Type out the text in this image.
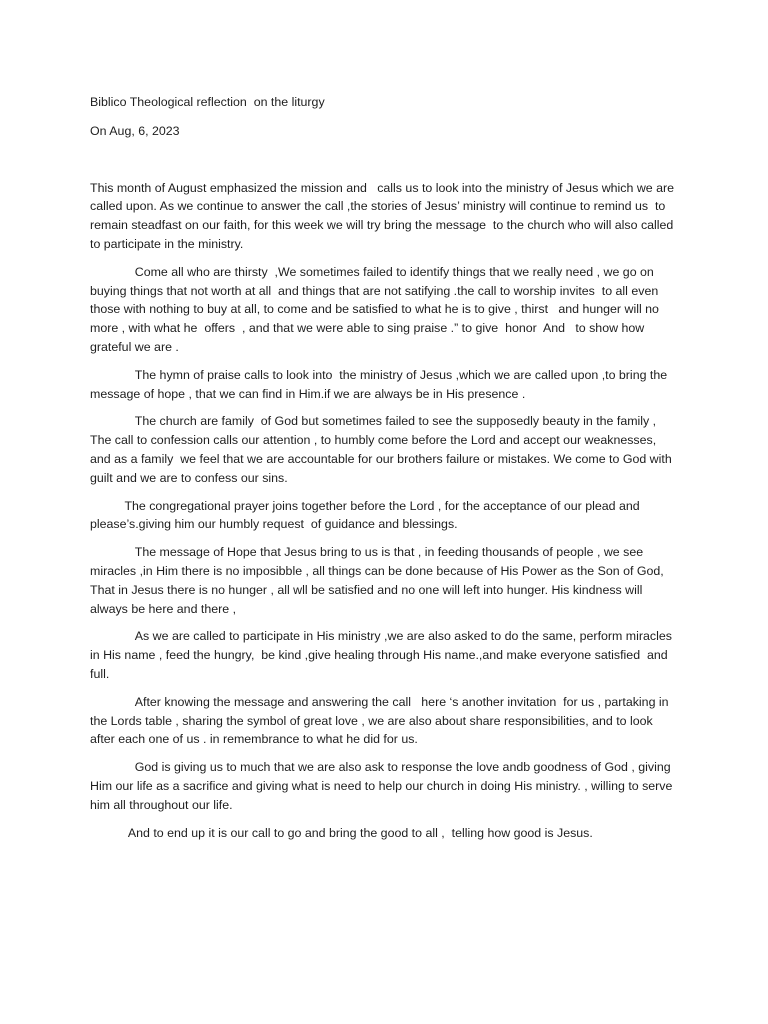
Biblico Theological reflection  on the liturgy
On Aug, 6, 2023

This month of August emphasized the mission and   calls us to look into the ministry of Jesus which we are called upon. As we continue to answer the call ,the stories of Jesus’ ministry will continue to remind us  to remain steadfast on our faith, for this week we will try bring the message  to the church who will also called to participate in the ministry.

Come all who are thirsty  ,We sometimes failed to identify things that we really need , we go on buying things that not worth at all  and things that are not satifying .the call to worship invites  to all even those with nothing to buy at all, to come and be satisfied to what he is to give , thirst   and hunger will no more , with what he  offers  , and that we were able to sing praise .” to give  honor  And   to show how grateful we are .

The hymn of praise calls to look into  the ministry of Jesus ,which we are called upon ,to bring the message of hope , that we can find in Him.if we are always be in His presence .

The church are family  of God but sometimes failed to see the supposedly beauty in the family , The call to confession calls our attention , to humbly come before the Lord and accept our weaknesses, and as a family  we feel that we are accountable for our brothers failure or mistakes. We come to God with guilt and we are to confess our sins.

The congregational prayer joins together before the Lord , for the acceptance of our plead and please’s.giving him our humbly request  of guidance and blessings.

The message of Hope that Jesus bring to us is that , in feeding thousands of people , we see miracles ,in Him there is no imposibble , all things can be done because of His Power as the Son of God, That in Jesus there is no hunger , all wll be satisfied and no one will left into hunger. His kindness will always be here and there ,

As we are called to participate in His ministry ,we are also asked to do the same, perform miracles  in His name , feed the hungry,  be kind ,give healing through His name.,and make everyone satisfied  and full.

After knowing the message and answering the call   here ‘s another invitation  for us , partaking in the Lords table , sharing the symbol of great love , we are also about share responsibilities, and to look  after each one of us . in remembrance to what he did for us.

God is giving us to much that we are also ask to response the love andb goodness of God , giving Him our life as a sacrifice and giving what is need to help our church in doing His ministry. , willing to serve him all throughout our life.

And to end up it is our call to go and bring the good to all ,  telling how good is Jesus.
